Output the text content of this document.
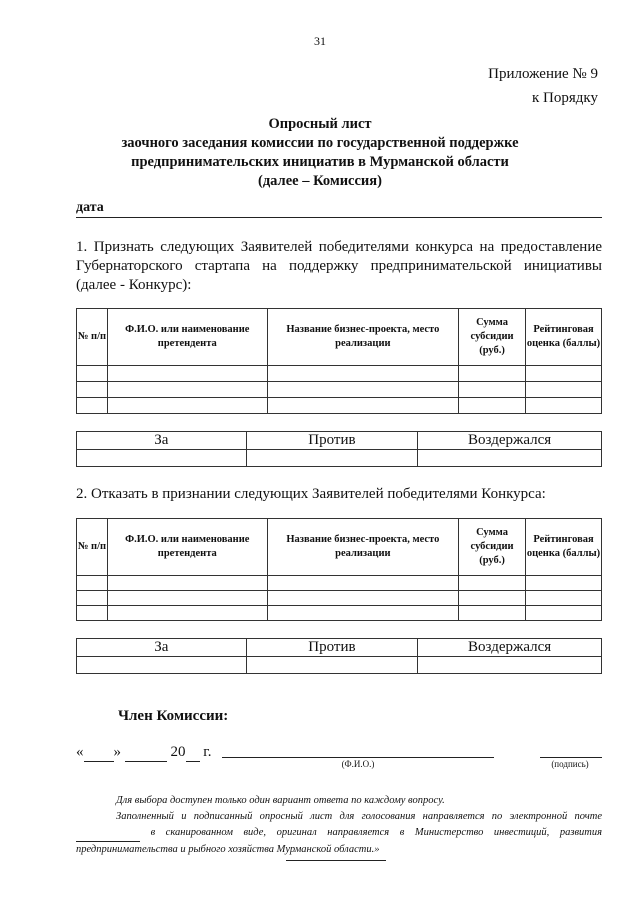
31
Приложение № 9
к Порядку
Опросный лист
заочного заседания комиссии по государственной поддержке
предпринимательских инициатив в Мурманской области
(далее – Комиссия)
дата
1. Признать следующих Заявителей победителями конкурса на предоставление Губернаторского стартапа на поддержку предпринимательской инициативы (далее - Конкурс):
№ п/п	Ф.И.О. или наименование претендента	Название бизнес-проекта, место реализации	Сумма субсидии (руб.)	Рейтинговая оценка (баллы)

За	Против	Воздержался

2. Отказать в признании следующих Заявителей победителями Конкурса:
№ п/п	Ф.И.О. или наименование претендента	Название бизнес-проекта, место реализации	Сумма субсидии (руб.)	Рейтинговая оценка (баллы)

За	Против	Воздержался

Член Комиссии:
« »	20 г.
(Ф.И.О.)	(подпись)

Для выбора доступен только один вариант ответа по каждому вопросу.

Заполненный и подписанный опросный лист для голосования направляется по электронной почте   в сканированном виде, оригинал направляется в Министерство инвестиций, развития предпринимательства и рыбного хозяйства Мурманской области.»
